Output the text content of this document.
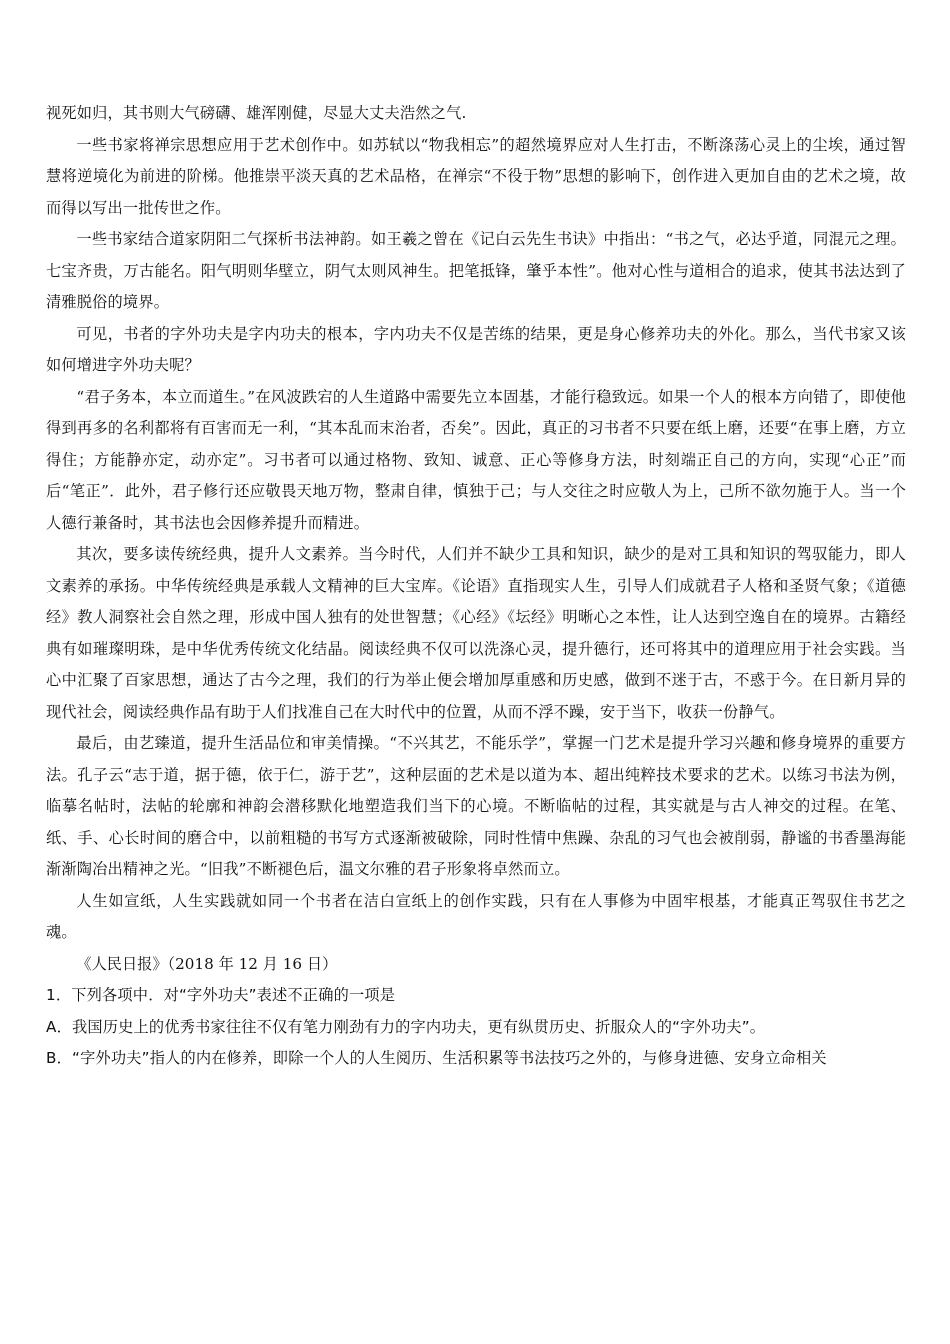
视死如归，其书则大气磅礴、雄浑刚健，尽显大丈夫浩然之气.

一些书家将禅宗思想应用于艺术创作中。如苏轼以“物我相忘”的超然境界应对人生打击，不断涤荡心灵上的尘埃，通过智慧将逆境化为前进的阶梯。他推崇平淡天真的艺术品格，在禅宗“不役于物”思想的影响下，创作进入更加自由的艺术之境，故而得以写出一批传世之作。

一些书家结合道家阴阳二气探析书法神韵。如王羲之曾在《记白云先生书诀》中指出：“书之气，必达乎道，同混元之理。七宝齐贵，万古能名。阳气明则华壁立，阴气太则风神生。把笔抵锋，肇乎本性”。他对心性与道相合的追求，使其书法达到了清雅脱俗的境界。

可见，书者的字外功夫是字内功夫的根本，字内功夫不仅是苦练的结果，更是身心修养功夫的外化。那么，当代书家又该如何增进字外功夫呢？

“君子务本，本立而道生。”在风波跌宕的人生道路中需要先立本固基，才能行稳致远。如果一个人的根本方向错了，即使他得到再多的名利都将有百害而无一利，“其本乱而末治者，否矣”。因此，真正的习书者不只要在纸上磨，还要“在事上磨，方立得住；方能静亦定，动亦定”。习书者可以通过格物、致知、诚意、正心等修身方法，时刻端正自己的方向，实现“心正”而后“笔正”．此外，君子修行还应敬畏天地万物，整肃自律，慎独于己；与人交往之时应敬人为上，己所不欲勿施于人。当一个人德行兼备时，其书法也会因修养提升而精进。

其次，要多读传统经典，提升人文素养。当今时代，人们并不缺少工具和知识，缺少的是对工具和知识的驾驭能力，即人文素养的承扬。中华传统经典是承载人文精神的巨大宝库。《论语》直指现实人生，引导人们成就君子人格和圣贤气象；《道德经》教人洞察社会自然之理，形成中国人独有的处世智慧；《心经》《坛经》明晰心之本性，让人达到空逸自在的境界。古籍经典有如璀璨明珠，是中华优秀传统文化结晶。阅读经典不仅可以洗涤心灵，提升德行，还可将其中的道理应用于社会实践。当心中汇聚了百家思想，通达了古今之理，我们的行为举止便会增加厚重感和历史感，做到不迷于古，不惑于今。在日新月异的现代社会，阅读经典作品有助于人们找准自己在大时代中的位置，从而不浮不躁，安于当下，收获一份静气。

最后，由艺臻道，提升生活品位和审美情操。“不兴其艺，不能乐学”，掌握一门艺术是提升学习兴趣和修身境界的重要方法。孔子云“志于道，据于德，依于仁，游于艺”，这种层面的艺术是以道为本、超出纯粹技术要求的艺术。以练习书法为例，临摹名帖时，法帖的轮廓和神韵会潜移默化地塑造我们当下的心境。不断临帖的过程，其实就是与古人神交的过程。在笔、纸、手、心长时间的磨合中，以前粗糙的书写方式逐渐被破除，同时性情中焦躁、杂乱的习气也会被削弱，静谧的书香墨海能渐渐陶冶出精神之光。“旧我”不断褪色后，温文尔雅的君子形象将卓然而立。

人生如宣纸，人生实践就如同一个书者在洁白宣纸上的创作实践，只有在人事修为中固牢根基，才能真正驾驭住书艺之魂。

《人民日报》（2018 年 12 月 16 日）

1．下列各项中．对“字外功夫”表述不正确的一项是

A．我国历史上的优秀书家往往不仅有笔力刚劲有力的字内功夫，更有纵贯历史、折服众人的“字外功夫”。

B．“字外功夫”指人的内在修养，即除一个人的人生阅历、生活积累等书法技巧之外的，与修身进德、安身立命相关
